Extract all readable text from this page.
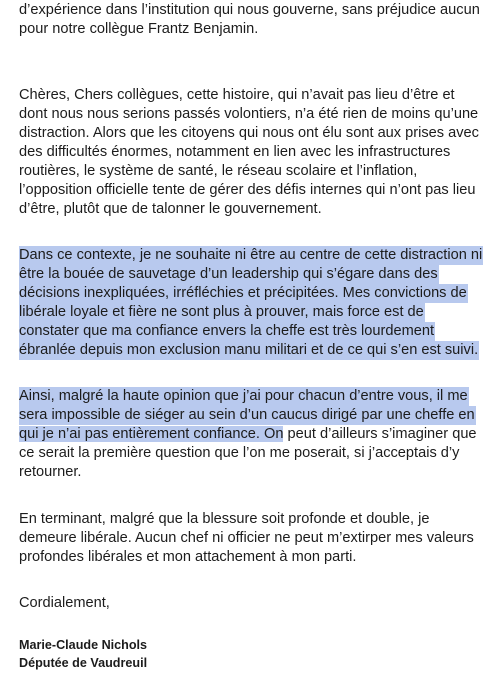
d’expérience dans l’institution qui nous gouverne, sans préjudice aucun
pour notre collègue Frantz Benjamin.
Chères, Chers collègues, cette histoire, qui n’avait pas lieu d’être et
dont nous nous serions passés volontiers, n’a été rien de moins qu’une
distraction. Alors que les citoyens qui nous ont élu sont aux prises avec
des difficultés énormes, notamment en lien avec les infrastructures
routières, le système de santé, le réseau scolaire et l’inflation,
l’opposition officielle tente de gérer des défis internes qui n’ont pas lieu
d’être, plutôt que de talonner le gouvernement.
Dans ce contexte, je ne souhaite ni être au centre de cette distraction ni
être la bouée de sauvetage d’un leadership qui s’égare dans des
décisions inexpliquées, irréfléchies et précipitées. Mes convictions de
libérale loyale et fière ne sont plus à prouver, mais force est de
constater que ma confiance envers la cheffe est très lourdement
ébranlée depuis mon exclusion manu militari et de ce qui s’en est suivi.
Ainsi, malgré la haute opinion que j’ai pour chacun d’entre vous, il me
sera impossible de siéger au sein d’un caucus dirigé par une cheffe en
qui je n’ai pas entièrement confiance. On peut d’ailleurs s’imaginer que
ce serait la première question que l’on me poserait, si j’acceptais d’y
retourner.
En terminant, malgré que la blessure soit profonde et double, je
demeure libérale. Aucun chef ni officier ne peut m’extirper mes valeurs
profondes libérales et mon attachement à mon parti.
Cordialement,
Marie-Claude Nichols
Députée de Vaudreuil
